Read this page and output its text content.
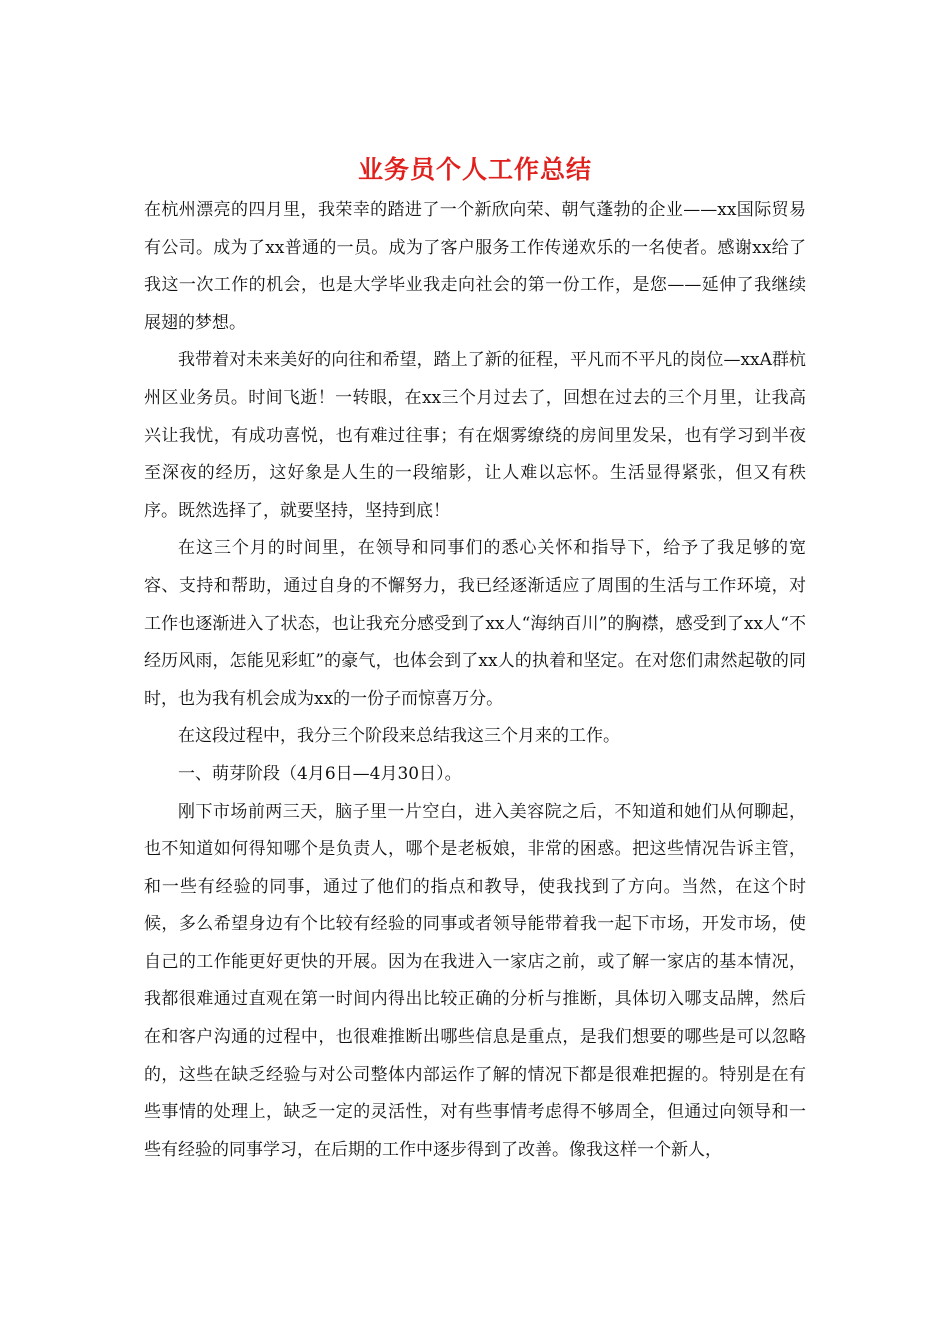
业务员个人工作总结

在杭州漂亮的四月里，我荣幸的踏进了一个新欣向荣、朝气蓬勃的企业——xx国际贸易有公司。成为了xx普通的一员。成为了客户服务工作传递欢乐的一名使者。感谢xx给了我这一次工作的机会，也是大学毕业我走向社会的第一份工作，是您——延伸了我继续展翅的梦想。

我带着对未来美好的向往和希望，踏上了新的征程，平凡而不平凡的岗位—xxA群杭州区业务员。时间飞逝！一转眼，在xx三个月过去了，回想在过去的三个月里，让我高兴让我忧，有成功喜悦，也有难过往事；有在烟雾缭绕的房间里发呆，也有学习到半夜至深夜的经历，这好象是人生的一段缩影，让人难以忘怀。生活显得紧张，但又有秩序。既然选择了，就要坚持，坚持到底！

在这三个月的时间里，在领导和同事们的悉心关怀和指导下，给予了我足够的宽容、支持和帮助，通过自身的不懈努力，我已经逐渐适应了周围的生活与工作环境，对工作也逐渐进入了状态，也让我充分感受到了xx人“海纳百川”的胸襟，感受到了xx人“不经历风雨，怎能见彩虹”的豪气，也体会到了xx人的执着和坚定。在对您们肃然起敬的同时，也为我有机会成为xx的一份子而惊喜万分。

在这段过程中，我分三个阶段来总结我这三个月来的工作。

一、萌芽阶段（4月6日—4月30日）。

刚下市场前两三天，脑子里一片空白，进入美容院之后，不知道和她们从何聊起，也不知道如何得知哪个是负责人，哪个是老板娘，非常的困惑。把这些情况告诉主管，和一些有经验的同事，通过了他们的指点和教导，使我找到了方向。当然，在这个时候，多么希望身边有个比较有经验的同事或者领导能带着我一起下市场，开发市场，使自己的工作能更好更快的开展。因为在我进入一家店之前，或了解一家店的基本情况，我都很难通过直观在第一时间内得出比较正确的分析与推断，具体切入哪支品牌，然后在和客户沟通的过程中，也很难推断出哪些信息是重点，是我们想要的哪些是可以忽略的，这些在缺乏经验与对公司整体内部运作了解的情况下都是很难把握的。特别是在有些事情的处理上，缺乏一定的灵活性，对有些事情考虑得不够周全，但通过向领导和一些有经验的同事学习，在后期的工作中逐步得到了改善。像我这样一个新人，
